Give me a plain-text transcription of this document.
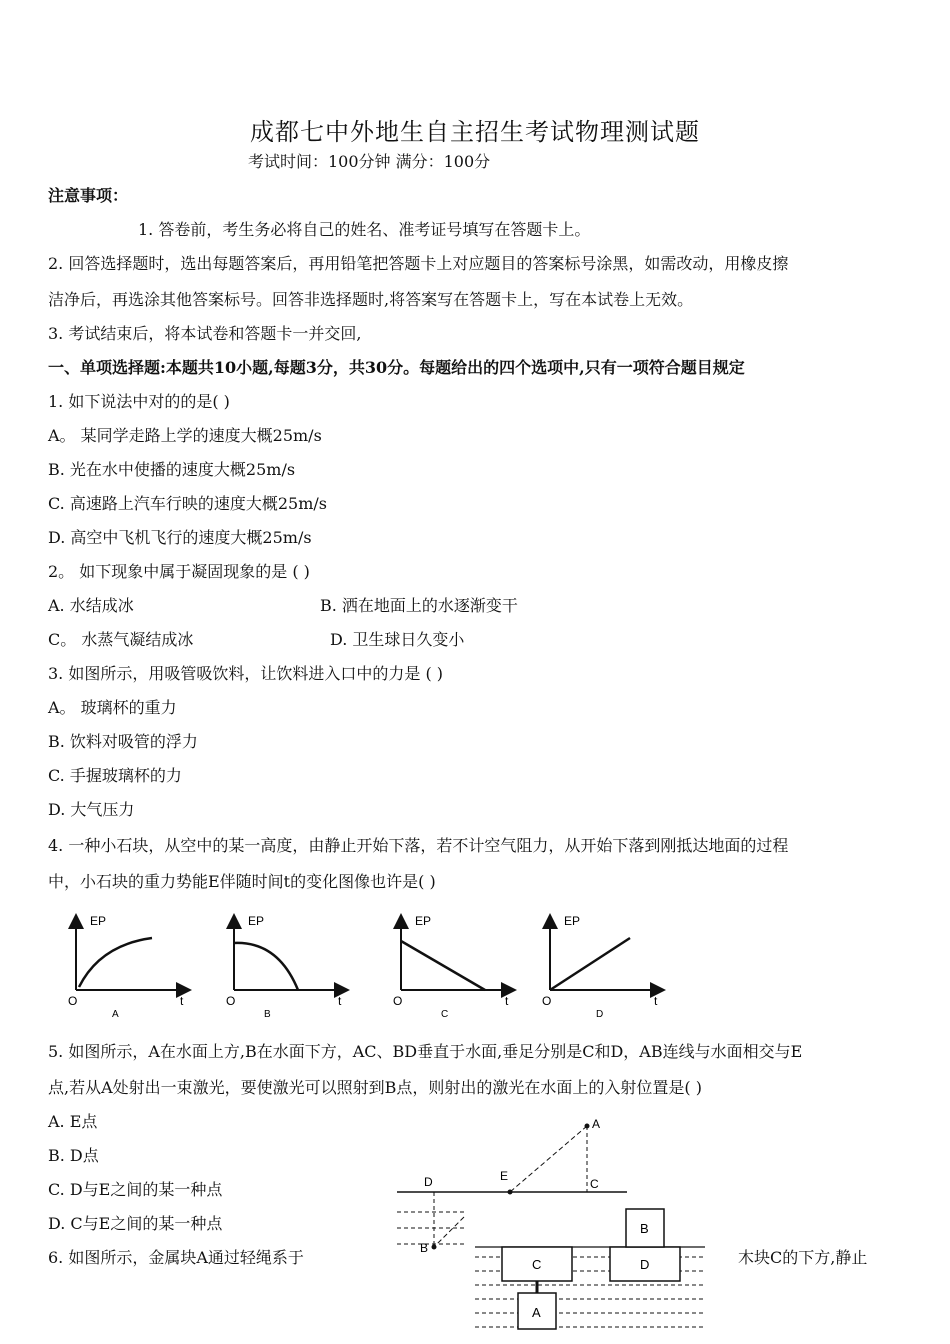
成都七中外地生自主招生考试物理测试题
考试时间：100分钟 满分：100分
注意事项：
1. 答卷前，考生务必将自己的姓名、准考证号填写在答题卡上。
2. 回答选择题时，选出每题答案后，再用铅笔把答题卡上对应题目的答案标号涂黑，如需改动，用橡皮擦
洁净后，再选涂其他答案标号。回答非选择题时,将答案写在答题卡上，写在本试卷上无效。
3. 考试结束后，将本试卷和答题卡一并交回,
一、单项选择题:本题共10小题,每题3分，共30分。每题给出的四个选项中,只有一项符合题目规定
1. 如下说法中对的的是( )
A。 某同学走路上学的速度大概25m/s
B. 光在水中使播的速度大概25m/s
C. 高速路上汽车行映的速度大概25m/s
D. 高空中飞机飞行的速度大概25m/s
2。 如下现象中属于凝固现象的是 ( )
A. 水结成冰	B. 洒在地面上的水逐渐变干
C。 水蒸气凝结成冰	D. 卫生球日久变小
3. 如图所示，用吸管吸饮料，让饮料进入口中的力是 ( )
A。 玻璃杯的重力
B. 饮料对吸管的浮力
C. 手握玻璃杯的力
D. 大气压力
4. 一种小石块，从空中的某一高度，由静止开始下落，若不计空气阻力，从开始下落到刚抵达地面的过程
中，小石块的重力势能E伴随时间t的变化图像也许是( )
EP
O	t
A
EP
O	t
B
EP
O	t
C
EP
O	t
D
5. 如图所示，A在水面上方,B在水面下方，AC、BD垂直于水面,垂足分别是C和D，AB连线与水面相交与E
点,若从A处射出一束激光，要使激光可以照射到B点，则射出的激光在水面上的入射位置是( )
A. E点
B. D点
C. D与E之间的某一种点
D. C与E之间的某一种点
A
B
C
D	E
6. 如图所示，金属块A通过轻绳系于	木块C的下方,静止
B
C	D
A
